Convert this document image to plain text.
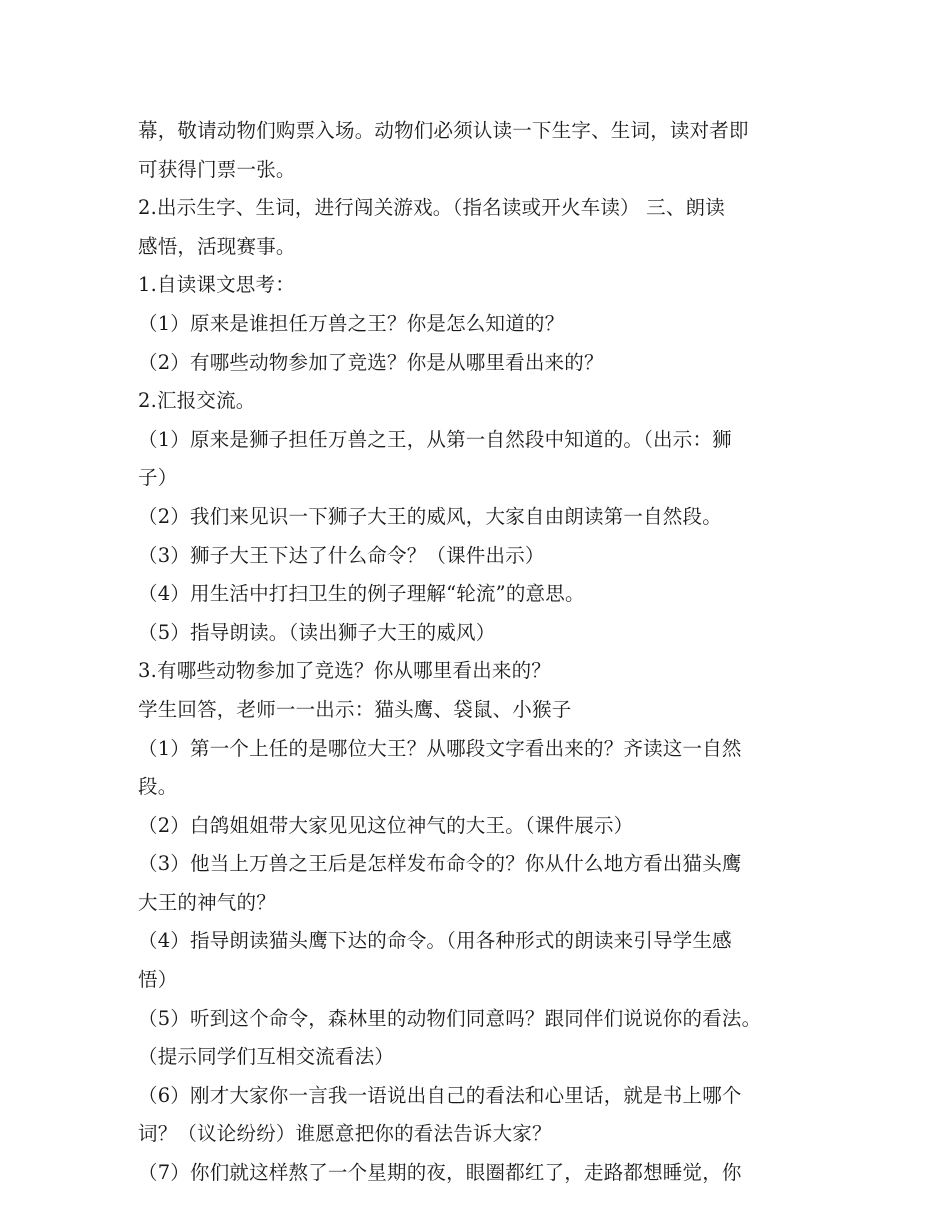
幕，敬请动物们购票入场。动物们必须认读一下生字、生词，读对者即
可获得门票一张。
2.出示生字、生词，进行闯关游戏。（指名读或开火车读） 三、朗读
感悟，活现赛事。
1.自读课文思考：
（1）原来是谁担任万兽之王？你是怎么知道的？
（2）有哪些动物参加了竞选？你是从哪里看出来的？
2.汇报交流。
（1）原来是狮子担任万兽之王，从第一自然段中知道的。（出示：狮
子）
（2）我们来见识一下狮子大王的威风，大家自由朗读第一自然段。
（3）狮子大王下达了什么命令？（课件出示）
（4）用生活中打扫卫生的例子理解“轮流”的意思。
（5）指导朗读。（读出狮子大王的威风）
3.有哪些动物参加了竞选？你从哪里看出来的？
学生回答，老师一一出示：猫头鹰、袋鼠、小猴子
（1）第一个上任的是哪位大王？从哪段文字看出来的？齐读这一自然
段。
（2）白鸽姐姐带大家见见这位神气的大王。（课件展示）
（3）他当上万兽之王后是怎样发布命令的？你从什么地方看出猫头鹰
大王的神气的？
（4）指导朗读猫头鹰下达的命令。（用各种形式的朗读来引导学生感
悟）
（5）听到这个命令，森林里的动物们同意吗？跟同伴们说说你的看法。
（提示同学们互相交流看法）
（6）刚才大家你一言我一语说出自己的看法和心里话，就是书上哪个
词？（议论纷纷）谁愿意把你的看法告诉大家？
（7）你们就这样熬了一个星期的夜，眼圈都红了，走路都想睡觉，你
